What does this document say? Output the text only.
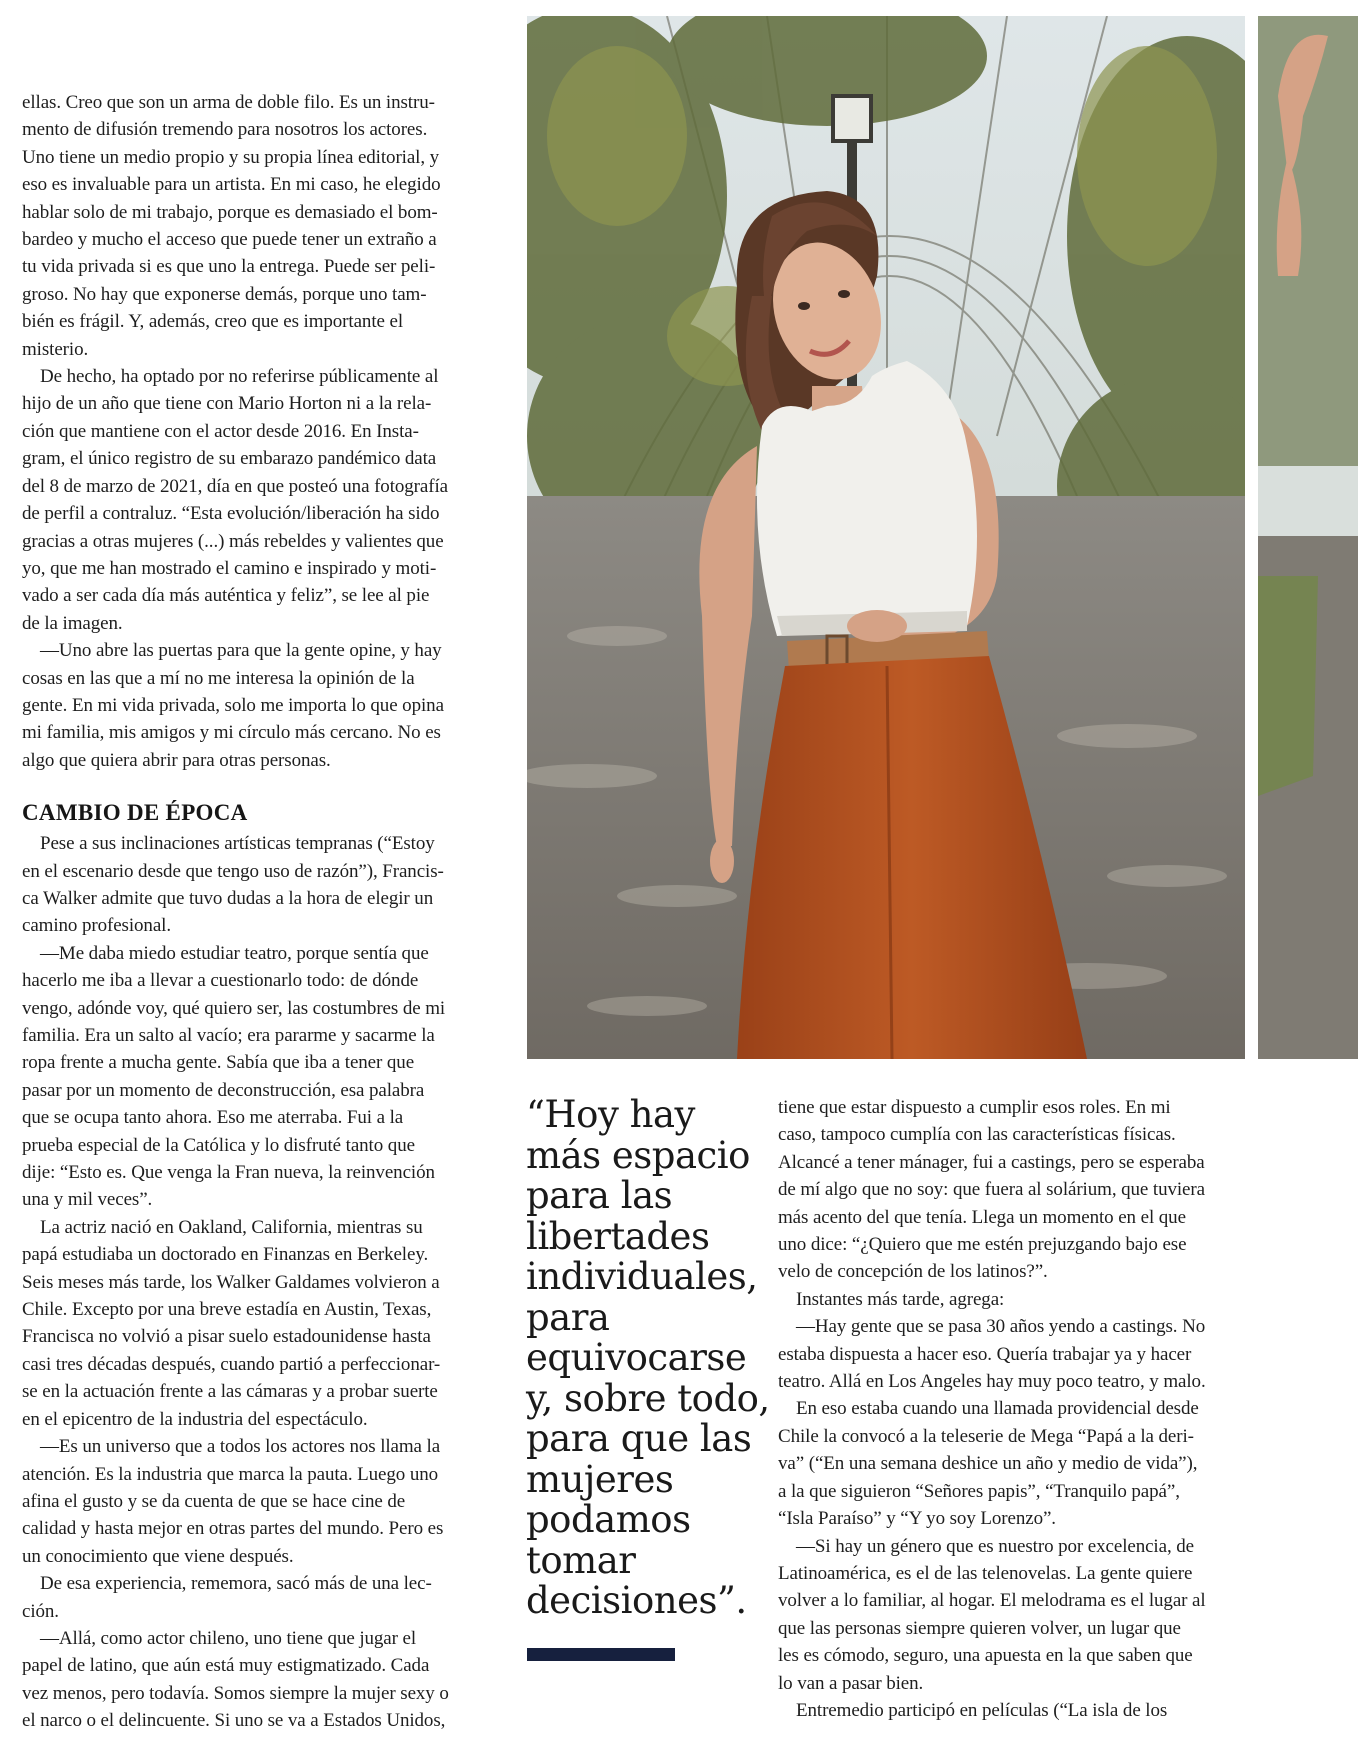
ellas. Creo que son un arma de doble filo. Es un instru-

mento de difusión tremendo para nosotros los actores.

Uno tiene un medio propio y su propia línea editorial, y

eso es invaluable para un artista. En mi caso, he elegido

hablar solo de mi trabajo, porque es demasiado el bom-

bardeo y mucho el acceso que puede tener un extraño a

tu vida privada si es que uno la entrega. Puede ser peli-

groso. No hay que exponerse demás, porque uno tam-

bién es frágil. Y, además, creo que es importante el

misterio.

De hecho, ha optado por no referirse públicamente al

hijo de un año que tiene con Mario Horton ni a la rela-

ción que mantiene con el actor desde 2016. En Insta-

gram, el único registro de su embarazo pandémico data

del 8 de marzo de 2021, día en que posteó una fotografía

de perfil a contraluz. “Esta evolución/liberación ha sido

gracias a otras mujeres (...) más rebeldes y valientes que

yo, que me han mostrado el camino e inspirado y moti-

vado a ser cada día más auténtica y feliz”, se lee al pie

de la imagen.

—Uno abre las puertas para que la gente opine, y hay

cosas en las que a mí no me interesa la opinión de la

gente. En mi vida privada, solo me importa lo que opina

mi familia, mis amigos y mi círculo más cercano. No es

algo que quiera abrir para otras personas.

CAMBIO DE ÉPOCA

Pese a sus inclinaciones artísticas tempranas (“Estoy

en el escenario desde que tengo uso de razón”), Francis-

ca Walker admite que tuvo dudas a la hora de elegir un

camino profesional.

—Me daba miedo estudiar teatro, porque sentía que

hacerlo me iba a llevar a cuestionarlo todo: de dónde

vengo, adónde voy, qué quiero ser, las costumbres de mi

familia. Era un salto al vacío; era pararme y sacarme la

ropa frente a mucha gente. Sabía que iba a tener que

pasar por un momento de deconstrucción, esa palabra

que se ocupa tanto ahora. Eso me aterraba. Fui a la

prueba especial de la Católica y lo disfruté tanto que

dije: “Esto es. Que venga la Fran nueva, la reinvención

una y mil veces”.

La actriz nació en Oakland, California, mientras su

papá estudiaba un doctorado en Finanzas en Berkeley.

Seis meses más tarde, los Walker Galdames volvieron a

Chile. Excepto por una breve estadía en Austin, Texas,

Francisca no volvió a pisar suelo estadounidense hasta

casi tres décadas después, cuando partió a perfeccionar-

se en la actuación frente a las cámaras y a probar suerte

en el epicentro de la industria del espectáculo.

—Es un universo que a todos los actores nos llama la

atención. Es la industria que marca la pauta. Luego uno

afina el gusto y se da cuenta de que se hace cine de

calidad y hasta mejor en otras partes del mundo. Pero es

un conocimiento que viene después.

De esa experiencia, rememora, sacó más de una lec-

ción.

—Allá, como actor chileno, uno tiene que jugar el

papel de latino, que aún está muy estigmatizado. Cada

vez menos, pero todavía. Somos siempre la mujer sexy o

el narco o el delincuente. Si uno se va a Estados Unidos,

“Hoy hay
más espacio
para las
libertades
individuales,
para
equivocarse
y, sobre todo,
para que las
mujeres
podamos
tomar
decisiones”.

tiene que estar dispuesto a cumplir esos roles. En mi

caso, tampoco cumplía con las características físicas.

Alcancé a tener mánager, fui a castings, pero se esperaba

de mí algo que no soy: que fuera al solárium, que tuviera

más acento del que tenía. Llega un momento en el que

uno dice: “¿Quiero que me estén prejuzgando bajo ese

velo de concepción de los latinos?”.

Instantes más tarde, agrega:

—Hay gente que se pasa 30 años yendo a castings. No

estaba dispuesta a hacer eso. Quería trabajar ya y hacer

teatro. Allá en Los Angeles hay muy poco teatro, y malo.

En eso estaba cuando una llamada providencial desde

Chile la convocó a la teleserie de Mega “Papá a la deri-

va” (“En una semana deshice un año y medio de vida”),

a la que siguieron “Señores papis”, “Tranquilo papá”,

“Isla Paraíso” y “Y yo soy Lorenzo”.

—Si hay un género que es nuestro por excelencia, de

Latinoamérica, es el de las telenovelas. La gente quiere

volver a lo familiar, al hogar. El melodrama es el lugar al

que las personas siempre quieren volver, un lugar que

les es cómodo, seguro, una apuesta en la que saben que

lo van a pasar bien.

Entremedio participó en películas (“La isla de los
